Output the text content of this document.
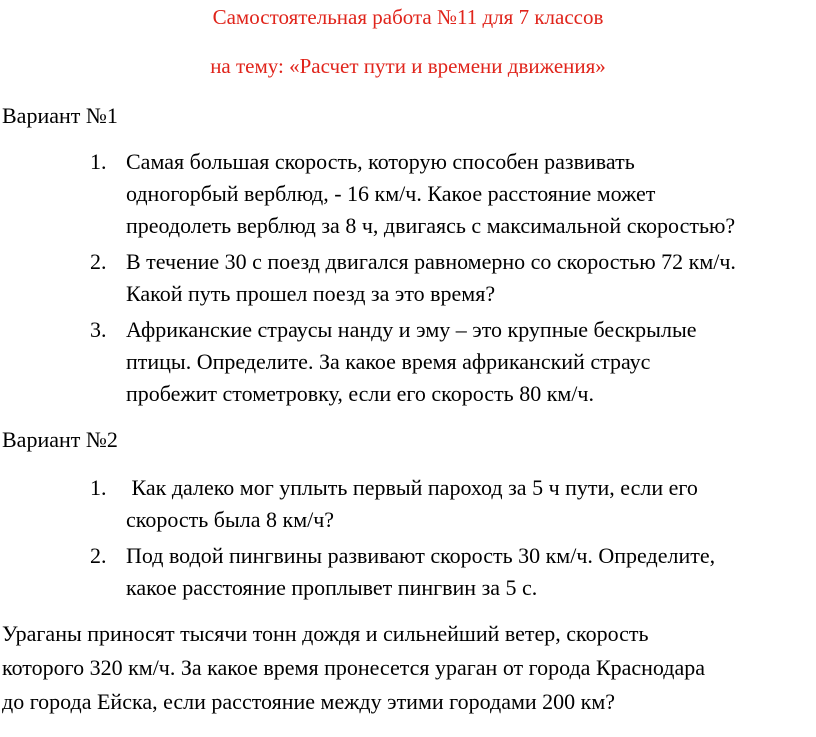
Самостоятельная работа №11 для 7 классов
на тему: «Расчет пути и времени движения»
Вариант №1
1. Самая большая скорость, которую способен развивать
одногорбый верблюд, - 16 км/ч. Какое расстояние может
преодолеть верблюд за 8 ч, двигаясь с максимальной скоростью?
2. В течение 30 с поезд двигался равномерно со скоростью 72 км/ч.
Какой путь прошел поезд за это время?
3. Африканские страусы нанду и эму – это крупные бескрылые
птицы. Определите. За какое время африканский страус
пробежит стометровку, если его скорость 80 км/ч.
Вариант №2
1. Как далеко мог уплыть первый пароход за 5 ч пути, если его
скорость была 8 км/ч?
2. Под водой пингвины развивают скорость 30 км/ч. Определите,
какое расстояние проплывет пингвин за 5 с.

Ураганы приносят тысячи тонн дождя и сильнейший ветер, скорость
которого 320 км/ч. За какое время пронесется ураган от города Краснодара
до города Ейска, если расстояние между этими городами 200 км?
